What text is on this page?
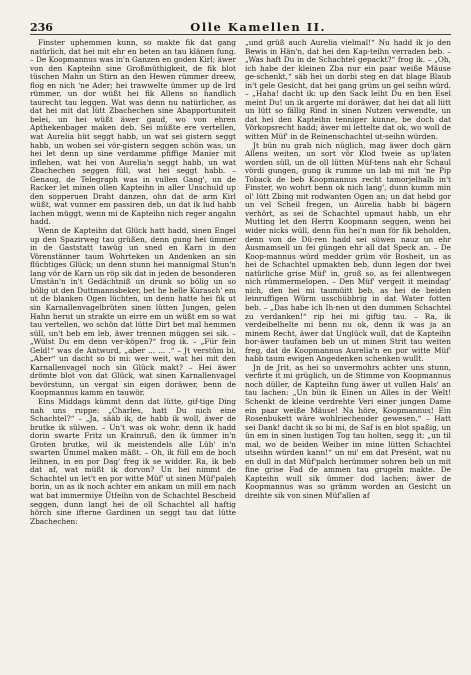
236	Olle Kamellen II.

Finster uphemmen kunn, so makte fik dat gang natürlich, dat hei mit ehr en beten an tau klänen fung. – De Koopmannus was in'n Ganzen en goden Kirl; äwer von den Kapteihn sine Großmüthigkeit, de fik blot tüschen Mahn un Stirn an den Hewen rümmer dreew, flog en nich 'ne Ader; hei trawwelte ümmer up de Ird rümmer, un dor wüßt hei fik Allens so handlich taurecht tau leggen. Wat was denn nu natürlicher, as dat hei mit dat lütt Zbachechen sine Abapportuniteit belei, un hei wüßt äwer gaud, wo von ehren Apthekenbager maken deb. Sei müßte ere vertellen, wat Aurelia hüt seggt habb, un wat sei gistern seggt habb, un woben sei vör-gistern seggen schön was, un hei let denn up sine verdamme pfiffige Manier mit inflehen, wat hei von Aurelia'n seggt habb, un wat Zbachechen seggen füll, wat hei seggt habb. – Genaug, de Telegraph was in vullen Gang', un de Racker let minen ollen Kapteihn in aller Unschuld up den sopperuen Draht danzen, ohn dat de arm Kirl wüßt, wat vunner em passiren deb, un dat ik lud habb lachen müggt, wenn mi de Kapteihn nich reger angahn hadd.

Wenn de Kapteihn dat Glück hatt hadd, sinen Engel up den Spazirweg tau grüßen, denn gung hei ümmer in de Gaststatt tawüg un sned en Karn in den Vörenstänner taum Wohrteken un Andenken an sin flüchtiges Glück; un denn stunn hei mannigmal Stun'n lang vör de Karn un röp sik dat in jeden de besonderen Umstän'n in't Gedächtniß un drunk so bölig un so bölig ut den Duttmannsbeker, bet he helle Kurasch' em ut de blanken Ogen lüchten, un denn hatte hei fik ut sin Karnallenvagelbrüten sinen lütten Jungen, gelen Hahn herut un strakte un eirre em un wüßt em so wat tau vertellen, wo schön dat lütte Dirt bet mal hemmen süll, un't beb em leb, äwer trennen müggen sei sik. – „Wülst Du em denn ver-köpen?“ frog ik. – „Für fein Geld!“ was de Antwurd, „aber ... ... .“ – Jt verstüm bi, „Aber“ un dacht so bi mi: wer weit, wat hei mit den Karnallenvagel noch sin Glück makt? – Hei äwer drömte blot von dat Glück, wat sinen Karnallenvagel bevörstunn, un vergat sin eigen doräwer, benn de Koopmannus kamm en tauwör.

Eins Middags kümmt denn dat lütte, gif-tige Ding nah uns ruppe: „Charles, hatt Du nich eine Schachtel?“ – „Ja, sääb ik, de habb ik woll, äwer de brutke ik sülwen. – Un't was ok wohr, denn ik hadd dorin swarte Fritz un Krainruß, den ik ümmer in'n Groten brutke, wil ik meistendels alle Lüb' in'n swarten Ümmel maken mäßt. – Oh, ik füll em de boch leihnen, in en por Dag' freg ik se widder. Ra, ik beb dat af, wat müßt ik dorvon? Un hei nimmt de Schachtel un let't en por witte Müf' ut sinen Müf'paleh borin, un as ik noch achter em ankam un mill em nach wat bat immermiye Ütfeihn von de Schachtel Bescheid seggen, dunn langt hei de oll Schachtel all haftig hörch sine ifterne Gardinen un seggt tau dat lütte Zbachechen:

„und grüß auch Aurelia vielmal!“ Nu hadd ik jo den Bewis in Hän'n, dat hei den Kap-teihn verraden beb. – „Was haft Du in de Schachtel gepackt?“ frog ik. – „Oh, ich habe der kleinen Zba nur ein paar weiße Mäuse ge-schenkt,“ säb hei un dorbi steg en dat blage Blaub in't gele Gesicht, dat hei gang grüm un gel seihn würd. – „Haha! dacht ik: up den Sack leiht Du en ben Esel meint Du! un ik argerte mi doräwer, dat hei dat all lütt un lütt so fällig Rind in sinen Nutzen verwendte, un dat hei den Kapteihn tenniger kunne, be doch dat Vörkopsrecht hadd; äwer mi lettelte dat ok, wo woll de witten Müf' in de Reinenschachtel ut-seihn würden.

Jt bün nu grab nich nüglich, mag äwer doch gärn Allens weiten, un sort vör Klod tweie as up'laten worden süll, un de oll lütten Müf-tens nah ehr Schaul vördi gungen, gung ik rumme un lab mi mit 'ne Pip Toback de beb Koopmannus recht tamorjelhalb in't Finster, wo wohrt benn ok nich lang', dunn kumm min ol' lütt Zbing mit rodwanten Ogen an; un dat hebd gor un vel Scheil fregen, un Aurelia habb bi bägern verhört, as sei de Schachtel upmaut habb, un ehr Mutting let den Herrn Koopmann seggen, wenn hei wider nicks wüll, denn fün hei'n man för fik beholden, denn von de Dü-ren hadd sei süwen nauz un ehr Ausmamsell un fei güngen ehr all dat Speck an. – De Koop-mannus würd medder grüm vör Bosheit, un as hei de Schachtel upmakten beb, dunn legen dor twei natürliche grise Müf' in, groß so, as fei allentwegen nich rümmermelopen. – Den Müf' vergeit it meindag' nich, den hei mi taumüitt beb, as hei de beiden leinruffigen Würm usschübbrig in dat Water fotten beb. – „Das habe ich Ih-nen ut den dummen Schachtel zu verdanken!“ rip hei mi giftig tau. – Ra, ik verdeibelhelte mi benn nu ok, denn ik was ja an minem Recht, äwer dat Unglück wull, dat de Kapteihn bor-äwer taufamen beb un ut minen Strit tau weiten freg, dat de Koopmannus Aurelia'n en por witte Müf' habb taum ewigen Angedenken schenken wullt.

Jn de Jrit, as hei so unvermohrs achter uns stunn, verfirte it mi grüglich, un de Stimme von Koopmannus noch düller, de Kapteihn fung äwer ut vullen Hals' an tau lachen: „Un bün ik Einen un Alles in der Welt! Schenkt de kleine verdrehte Veri einer jungen Dame ein paar weiße Mäuse! Na höre, Koopmannus! Ein Rosenbukett wäre wohlriechender gewesen.“ – Hatt sei Dank! dacht ik so bi mi, de Saf is en blot spaßig, un ün em in sinen lustigen Tog tau holten, segg it: „un til mal, wo de beiden Weiber im mine lütten Schachtel utseihn würden kann!“ un mi' em dat Presént, wat nu en dull in dat Müf'palch herümmer sohren beb un mit fine grise Fad de ammen tau grugeln makte. De Kapteihn wull sik ümmer dod lachen; äwer de Koopmannus was so grämm worden an Gesicht un dreihte sik von sinen Müf'allen af
